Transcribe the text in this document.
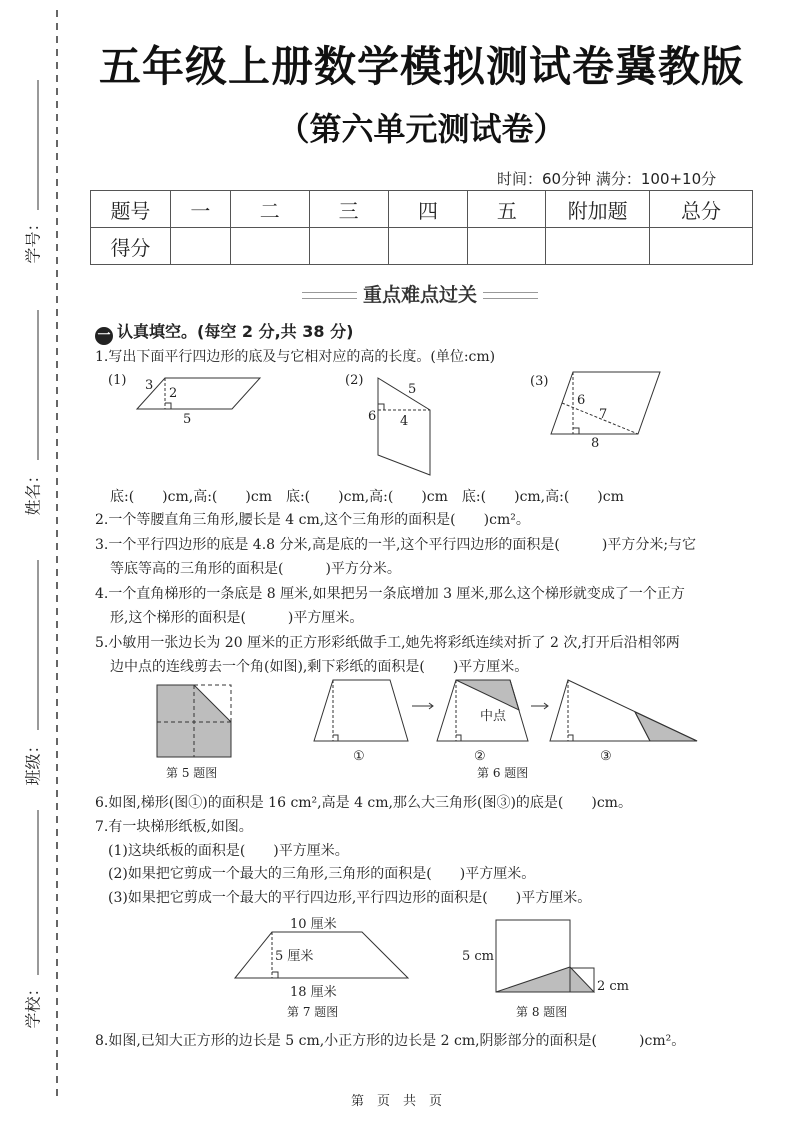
学号：
姓名：
班级：
学校：
五年级上册数学模拟测试卷冀教版
（第六单元测试卷）
时间：60分钟 满分：100+10分
题号	一	二	三	四	五	附加题	总分
得分							
重点难点过关
一 认真填空。(每空 2 分,共 38 分)
1.写出下面平行四边形的底及与它相对应的高的长度。(单位:cm)
底:(　　)cm,高:(　　)cm　底:(　　)cm,高:(　　)cm　底:(　　)cm,高:(　　)cm
2.一个等腰直角三角形,腰长是 4 cm,这个三角形的面积是(　　)cm²。
3.一个平行四边形的底是 4.8 分米,高是底的一半,这个平行四边形的面积是(　　　)平方分米;与它
等底等高的三角形的面积是(　　　)平方分米。
4.一个直角梯形的一条底是 8 厘米,如果把另一条底增加 3 厘米,那么这个梯形就变成了一个正方
形,这个梯形的面积是(　　　)平方厘米。
5.小敏用一张边长为 20 厘米的正方形彩纸做手工,她先将彩纸连续对折了 2 次,打开后沿相邻两
边中点的连线剪去一个角(如图),剩下彩纸的面积是(　　)平方厘米。
6.如图,梯形(图①)的面积是 16 cm²,高是 4 cm,那么大三角形(图③)的底是(　　)cm。
7.有一块梯形纸板,如图。
(1)这块纸板的面积是(　　)平方厘米。
(2)如果把它剪成一个最大的三角形,三角形的面积是(　　)平方厘米。
(3)如果把它剪成一个最大的平行四边形,平行四边形的面积是(　　)平方厘米。
8.如图,已知大正方形的边长是 5 cm,小正方形的边长是 2 cm,阴影部分的面积是(　　　)cm²。
(1) 3
2
5
(2)
5
6 4
(3)
6
7
8
第 5 题图
中点
①	②	③
第 6 题图
10 厘米
5 厘米
18 厘米
第 7 题图
5 cm
2 cm
第 8 题图
第　页　共　页
